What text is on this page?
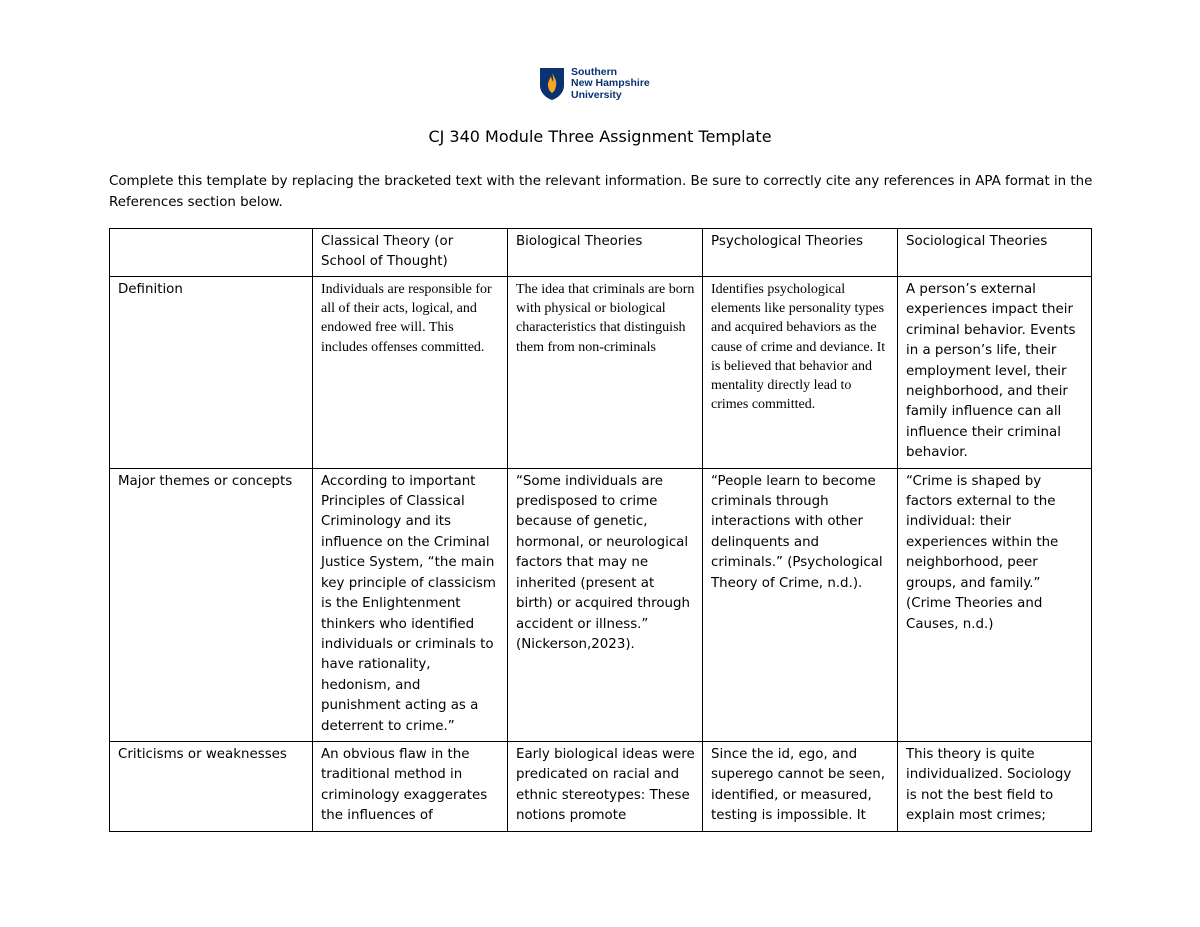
Southern
New Hampshire
University
CJ 340 Module Three Assignment Template
Complete this template by replacing the bracketed text with the relevant information. Be sure to correctly cite any references in APA format in the References section below.
	Classical Theory (or School of Thought)	Biological Theories	Psychological Theories	Sociological Theories
Definition	Individuals are responsible for all of their acts, logical, and endowed free will. This includes offenses committed.	The idea that criminals are born with physical or biological characteristics that distinguish them from non-criminals	Identifies psychological elements like personality types and acquired behaviors as the cause of crime and deviance. It is believed that behavior and mentality directly lead to crimes committed.	A person’s external experiences impact their criminal behavior. Events in a person’s life, their employment level, their neighborhood, and their family influence can all influence their criminal behavior.
Major themes or concepts	According to important Principles of Classical Criminology and its influence on the Criminal Justice System, “the main key principle of classicism is the Enlightenment thinkers who identified individuals or criminals to have rationality, hedonism, and punishment acting as a deterrent to crime.”	“Some individuals are predisposed to crime because of genetic, hormonal, or neurological factors that may ne inherited (present at birth) or acquired through accident or illness.” (Nickerson,2023).	“People learn to become criminals through interactions with other delinquents and criminals.” (Psychological Theory of Crime, n.d.).	“Crime is shaped by factors external to the individual: their experiences within the neighborhood, peer groups, and family.” (Crime Theories and Causes, n.d.)
Criticisms or weaknesses	An obvious flaw in the traditional method in criminology exaggerates the influences of	Early biological ideas were predicated on racial and ethnic stereotypes: These notions promote	Since the id, ego, and superego cannot be seen, identified, or measured, testing is impossible. It	This theory is quite individualized. Sociology is not the best field to explain most crimes;
